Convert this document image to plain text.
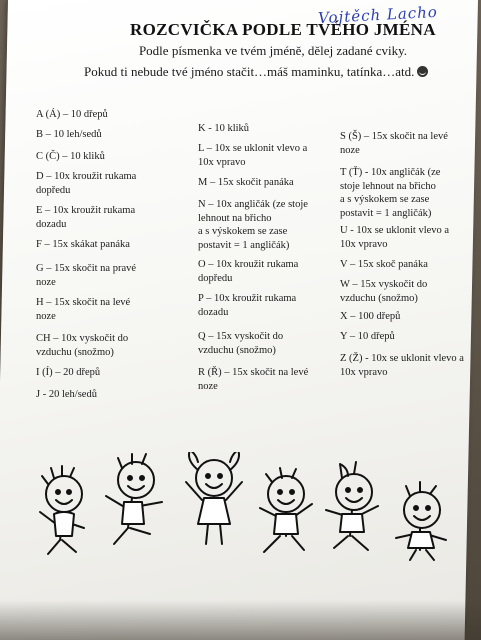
Vojtěch Lacho
ROZCVIČKA PODLE TVÉHO JMÉNA
Podle písmenka ve tvém jméně, dělej zadané cviky.
Pokud ti nebude tvé jméno stačit…máš maminku, tatínka…atd.
A (Á) – 10 dřepů
B – 10 leh/sedů
C (Č) – 10 kliků
D – 10x kroužit rukama
dopředu
E – 10x kroužit rukama
dozadu
F – 15x skákat panáka
G – 15x skočit na pravé
noze
H – 15x skočit na levé
noze
CH – 10x vyskočit do
vzduchu (snožmo)
I (Í) – 20 dřepů
J - 20 leh/sedů
K - 10 kliků
L – 10x se uklonit vlevo a
10x vpravo
M – 15x skočit panáka
N – 10x angličák (ze stoje
lehnout na břicho
a s výskokem se zase
postavit = 1 angličák)
O – 10x kroužit rukama
dopředu
P – 10x kroužit rukama
dozadu
Q – 15x vyskočit do
vzduchu (snožmo)
R (Ř) – 15x skočit na levé
noze
S (Š) – 15x skočit na levé
noze
T (Ť) - 10x angličák (ze
stoje lehnout na břicho
a s výskokem se zase
postavit = 1 angličák)
U - 10x se uklonit vlevo a
10x vpravo
V – 15x skoč panáka
W – 15x vyskočit do
vzduchu (snožmo)
X – 100 dřepů
Y – 10 dřepů
Z (Ž) - 10x se uklonit vlevo a
10x vpravo
